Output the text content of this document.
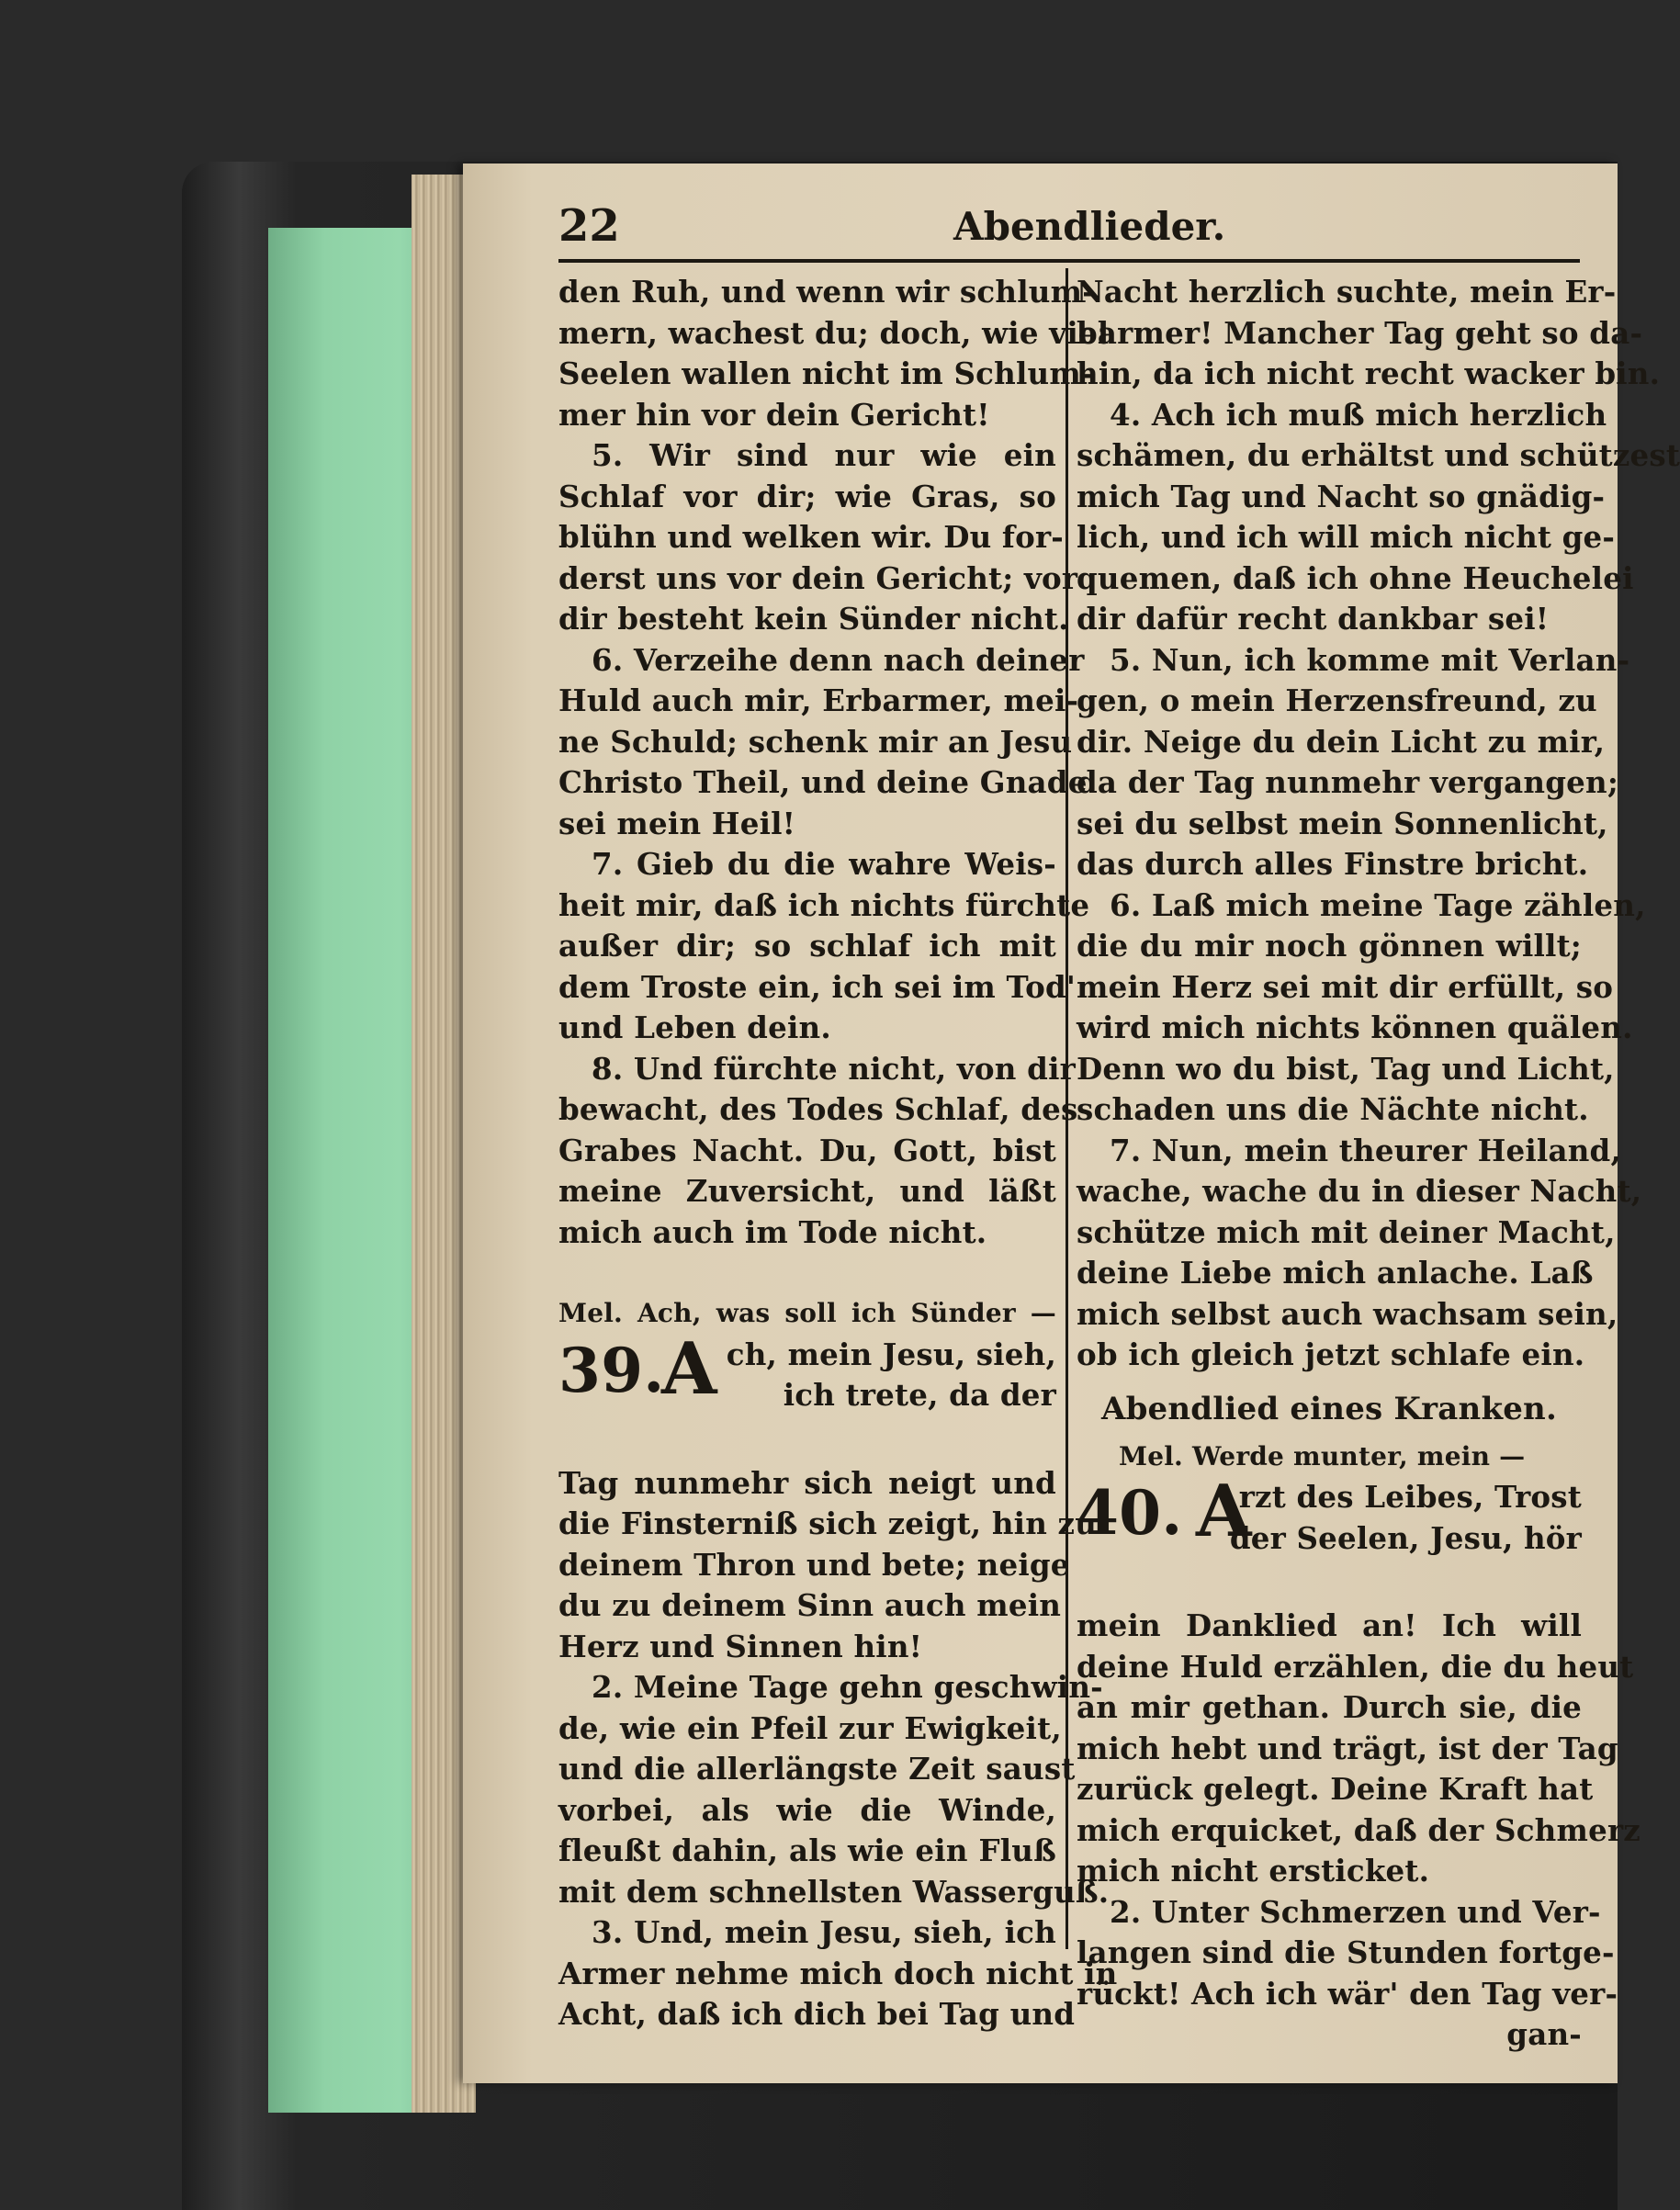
22	Abendlieder.
den Ruh, und wenn wir schlum-
mern, wachest du; doch, wie viel
Seelen wallen nicht im Schlum-
mer hin vor dein Gericht!
5. Wir sind nur wie ein
Schlaf vor dir; wie Gras, so
blühn und welken wir. Du for-
derst uns vor dein Gericht; vor
dir besteht kein Sünder nicht.
6. Verzeihe denn nach deiner
Huld auch mir, Erbarmer, mei-
ne Schuld; schenk mir an Jesu
Christo Theil, und deine Gnade
sei mein Heil!
7. Gieb du die wahre Weis-
heit mir, daß ich nichts fürchte
außer dir; so schlaf ich mit
dem Troste ein, ich sei im Tod'
und Leben dein.
8. Und fürchte nicht, von dir
bewacht, des Todes Schlaf, des
Grabes Nacht. Du, Gott, bist
meine Zuversicht, und läßt
mich auch im Tode nicht.
Mel. Ach, was soll ich Sünder —
39.
A ch, mein Jesu, sieh,
ich trete, da der
Tag nunmehr sich neigt und
die Finsterniß sich zeigt, hin zu
deinem Thron und bete; neige
du zu deinem Sinn auch mein
Herz und Sinnen hin!
2. Meine Tage gehn geschwin-
de, wie ein Pfeil zur Ewigkeit,
und die allerlängste Zeit saust
vorbei, als wie die Winde,
fleußt dahin, als wie ein Fluß
mit dem schnellsten Wasserguß.
3. Und, mein Jesu, sieh, ich
Armer nehme mich doch nicht in
Acht, daß ich dich bei Tag und
Nacht herzlich suchte, mein Er-
barmer! Mancher Tag geht so da-
hin, da ich nicht recht wacker bin.
4. Ach ich muß mich herzlich
schämen, du erhältst und schützest
mich Tag und Nacht so gnädig-
lich, und ich will mich nicht ge-
quemen, daß ich ohne Heuchelei
dir dafür recht dankbar sei!
5. Nun, ich komme mit Verlan-
gen, o mein Herzensfreund, zu
dir. Neige du dein Licht zu mir,
da der Tag nunmehr vergangen;
sei du selbst mein Sonnenlicht,
das durch alles Finstre bricht.
6. Laß mich meine Tage zählen,
die du mir noch gönnen willt;
mein Herz sei mit dir erfüllt, so
wird mich nichts können quälen.
Denn wo du bist, Tag und Licht,
schaden uns die Nächte nicht.
7. Nun, mein theurer Heiland,
wache, wache du in dieser Nacht,
schütze mich mit deiner Macht,
deine Liebe mich anlache. Laß
mich selbst auch wachsam sein,
ob ich gleich jetzt schlafe ein.
Abendlied eines Kranken.
Mel. Werde munter, mein —
40. A
rzt des Leibes, Trost
der Seelen, Jesu, hör
mein Danklied an! Ich will
deine Huld erzählen, die du heut
an mir gethan. Durch sie, die
mich hebt und trägt, ist der Tag
zurück gelegt. Deine Kraft hat
mich erquicket, daß der Schmerz
mich nicht ersticket.
2. Unter Schmerzen und Ver-
langen sind die Stunden fortge-
rückt! Ach ich wär' den Tag ver-
gan-
